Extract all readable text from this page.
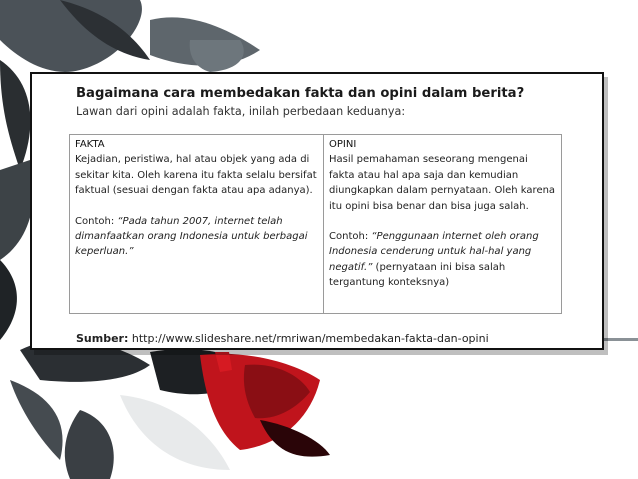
Bagaimana cara membedakan fakta dan opini dalam berita?

Lawan dari opini adalah fakta, inilah perbedaan keduanya:

FAKTA
Kejadian, peristiwa, hal atau objek yang ada di sekitar kita. Oleh karena itu fakta selalu bersifat faktual (sesuai dengan fakta atau apa adanya).
Contoh: “Pada tahun 2007, internet telah dimanfaatkan orang Indonesia untuk berbagai keperluan.”

OPINI
Hasil pemahaman seseorang mengenai fakta atau hal apa saja dan kemudian diungkapkan dalam pernyataan. Oleh karena itu opini bisa benar dan bisa juga salah.
Contoh: “Penggunaan internet oleh orang Indonesia cenderung untuk hal-hal yang negatif.” (pernyataan ini bisa salah tergantung konteksnya)

Sumber: http://www.slideshare.net/rmriwan/membedakan-fakta-dan-opini
